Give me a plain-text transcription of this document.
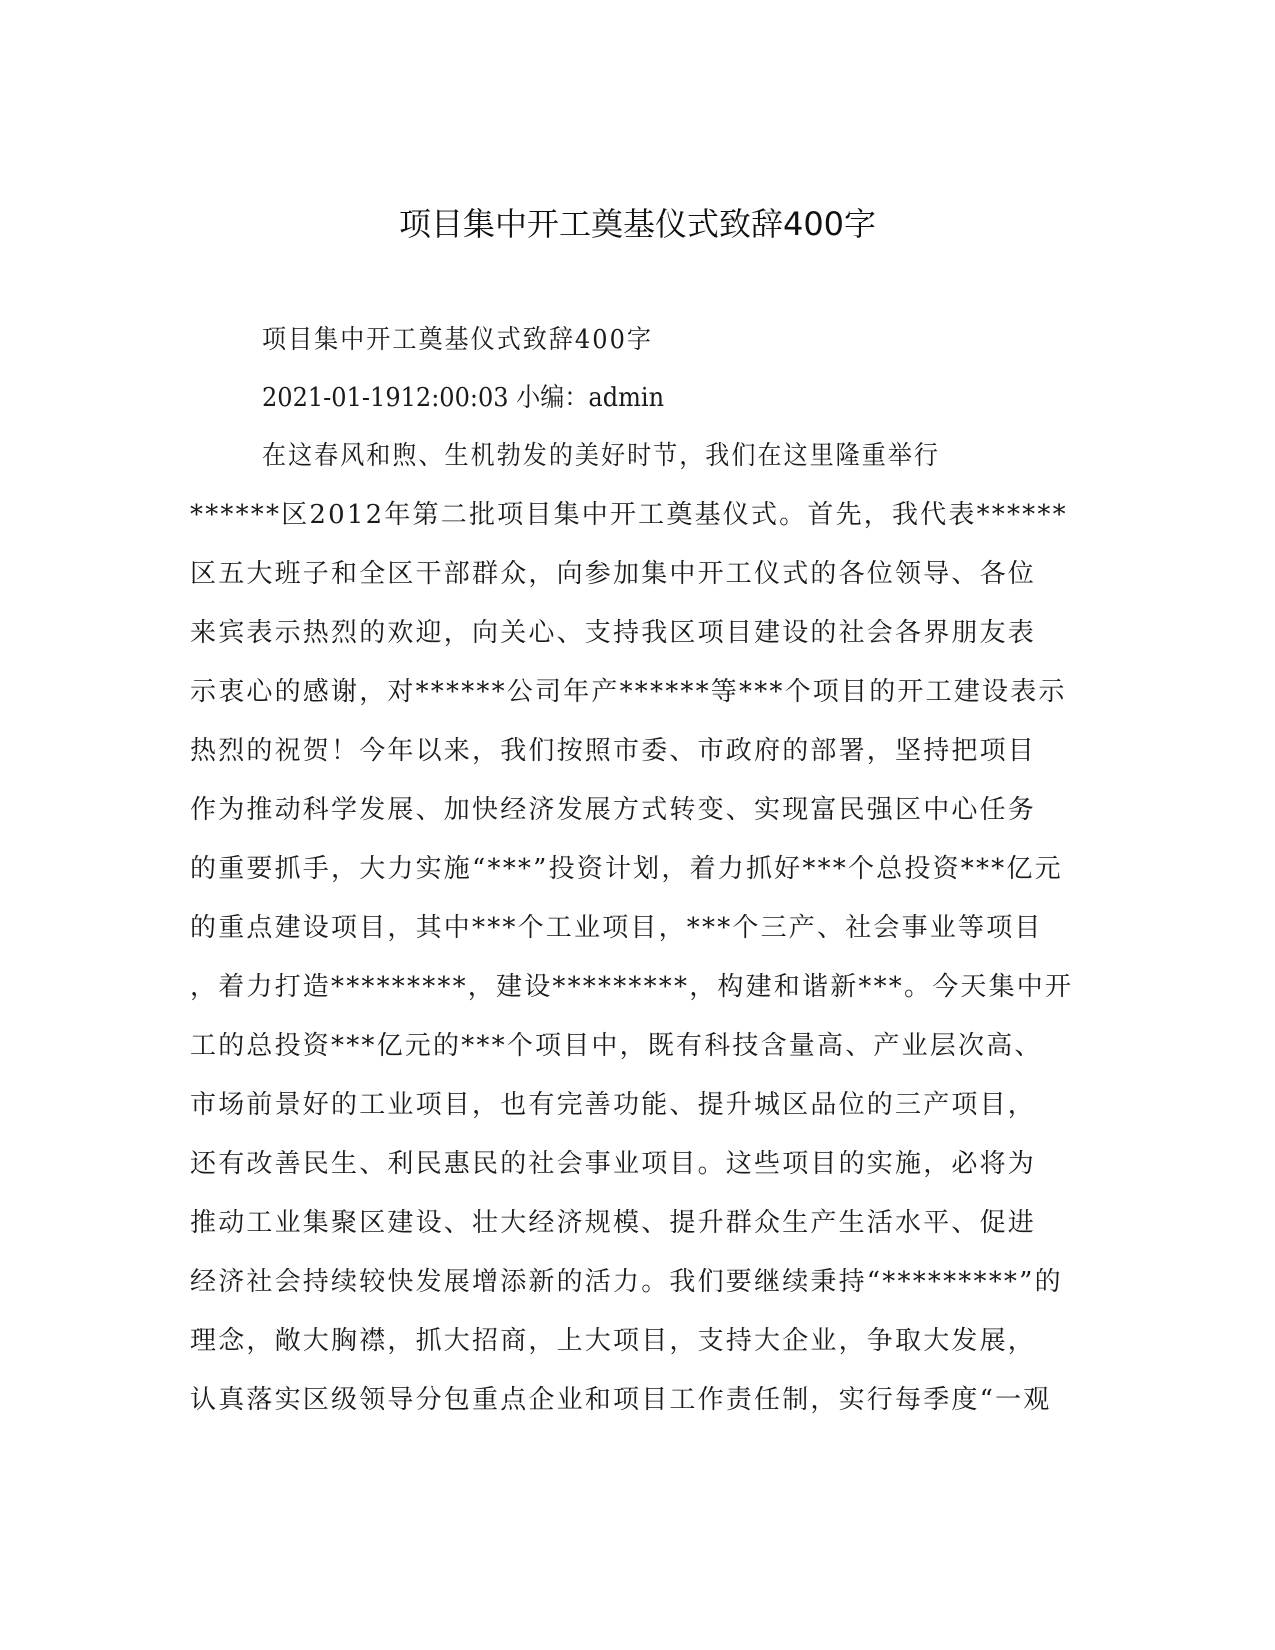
项目集中开工奠基仪式致辞400字

项目集中开工奠基仪式致辞400字

2021-01-1912:00:03 小编：admin

在这春风和煦、生机勃发的美好时节，我们在这里隆重举行

******区2012年第二批项目集中开工奠基仪式。首先，我代表******

区五大班子和全区干部群众，向参加集中开工仪式的各位领导、各位

来宾表示热烈的欢迎，向关心、支持我区项目建设的社会各界朋友表

示衷心的感谢，对******公司年产******等***个项目的开工建设表示

热烈的祝贺！今年以来，我们按照市委、市政府的部署，坚持把项目

作为推动科学发展、加快经济发展方式转变、实现富民强区中心任务

的重要抓手，大力实施“***”投资计划，着力抓好***个总投资***亿元

的重点建设项目，其中***个工业项目，***个三产、社会事业等项目

，着力打造*********，建设*********，构建和谐新***。今天集中开

工的总投资***亿元的***个项目中，既有科技含量高、产业层次高、

市场前景好的工业项目，也有完善功能、提升城区品位的三产项目，

还有改善民生、利民惠民的社会事业项目。这些项目的实施，必将为

推动工业集聚区建设、壮大经济规模、提升群众生产生活水平、促进

经济社会持续较快发展增添新的活力。我们要继续秉持“*********”的

理念，敞大胸襟，抓大招商，上大项目，支持大企业，争取大发展，

认真落实区级领导分包重点企业和项目工作责任制，实行每季度“一观
